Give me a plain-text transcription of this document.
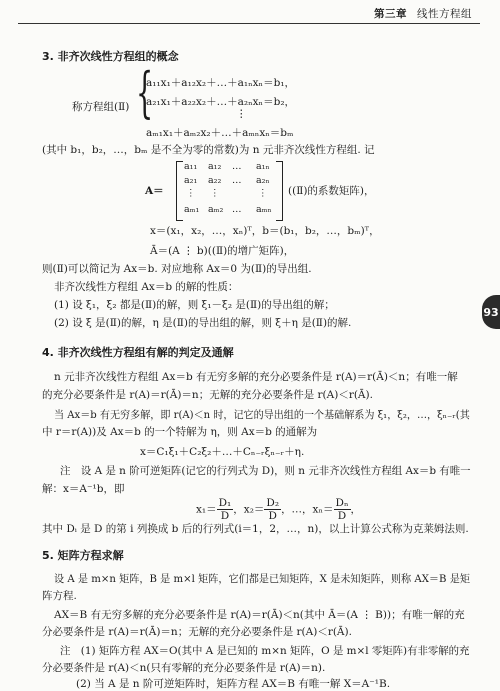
第三章 线性方程组
3. 非齐次线性方程组的概念
称方程组(Ⅱ) {
a₁₁x₁＋a₁₂x₂＋…＋a₁ₙxₙ＝b₁，
a₂₁x₁＋a₂₂x₂＋…＋a₂ₙxₙ＝b₂，
⋮
aₘ₁x₁＋aₘ₂x₂＋…＋aₘₙxₙ＝bₘ
(其中 b₁，b₂，…，bₘ 是不全为零的常数)为 n 元非齐次线性方程组. 记
A＝
a₁₁ a₁₂ … a₁ₙ
a₂₁ a₂₂ … a₂ₙ
⋮ ⋮	⋮
aₘ₁ aₘ₂ … aₘₙ
((Ⅱ)的系数矩阵)，
x＝(x₁，x₂，…，xₙ)ᵀ，b＝(b₁，b₂，…，bₘ)ᵀ，
Ā＝(A ⋮ b)((Ⅱ)的增广矩阵)，
则(Ⅱ)可以简记为 Ax＝b. 对应地称 Ax＝0 为(Ⅱ)的导出组.
非齐次线性方程组 Ax＝b 的解的性质：
(1) 设 ξ₁，ξ₂ 都是(Ⅱ)的解，则 ξ₁－ξ₂ 是(Ⅱ)的导出组的解；
(2) 设 ξ 是(Ⅱ)的解，η 是(Ⅱ)的导出组的解，则 ξ＋η 是(Ⅱ)的解.
4. 非齐次线性方程组有解的判定及通解
n 元非齐次线性方程组 Ax＝b 有无穷多解的充分必要条件是 r(A)＝r(Ā)＜n；有唯一解
的充分必要条件是 r(A)＝r(Ā)＝n；无解的充分必要条件是 r(A)＜r(Ā).
当 Ax＝b 有无穷多解，即 r(A)＜n 时，记它的导出组的一个基础解系为 ξ₁，ξ₂，…，ξₙ₋ᵣ(其
中 r＝r(A))及 Ax＝b 的一个特解为 η，则 Ax＝b 的通解为
x＝C₁ξ₁＋C₂ξ₂＋…＋Cₙ₋ᵣξₙ₋ᵣ＋η.
注　设 A 是 n 阶可逆矩阵(记它的行列式为 D)，则 n 元非齐次线性方程组 Ax＝b 有唯一
解：x＝A⁻¹b，即
$x_1= \frac{\text{D₁}}{D}$ ，$x_2= \frac{\text{D₂}}{D}$ ，…，$x_n= \frac{\text{Dₙ}}{D}$ ，
其中 Dᵢ 是 D 的第 i 列换成 b 后的行列式(i＝1，2，…，n)，以上计算公式称为克莱姆法则.
5. 矩阵方程求解
设 A 是 m×n 矩阵，B 是 m×l 矩阵，它们都是已知矩阵，X 是未知矩阵，则称 AX＝B 是矩
阵方程.
AX＝B 有无穷多解的充分必要条件是 r(A)＝r(Ā)＜n(其中 Ā＝(A ⋮ B))；有唯一解的充
分必要条件是 r(A)＝r(Ā)＝n；无解的充分必要条件是 r(A)＜r(Ā).
注　(1) 矩阵方程 AX＝O(其中 A 是已知的 m×n 矩阵，O 是 m×l 零矩阵)有非零解的充
分必要条件是 r(A)＜n(只有零解的充分必要条件是 r(A)＝n).
(2) 当 A 是 n 阶可逆矩阵时，矩阵方程 AX＝B 有唯一解 X＝A⁻¹B.
93
